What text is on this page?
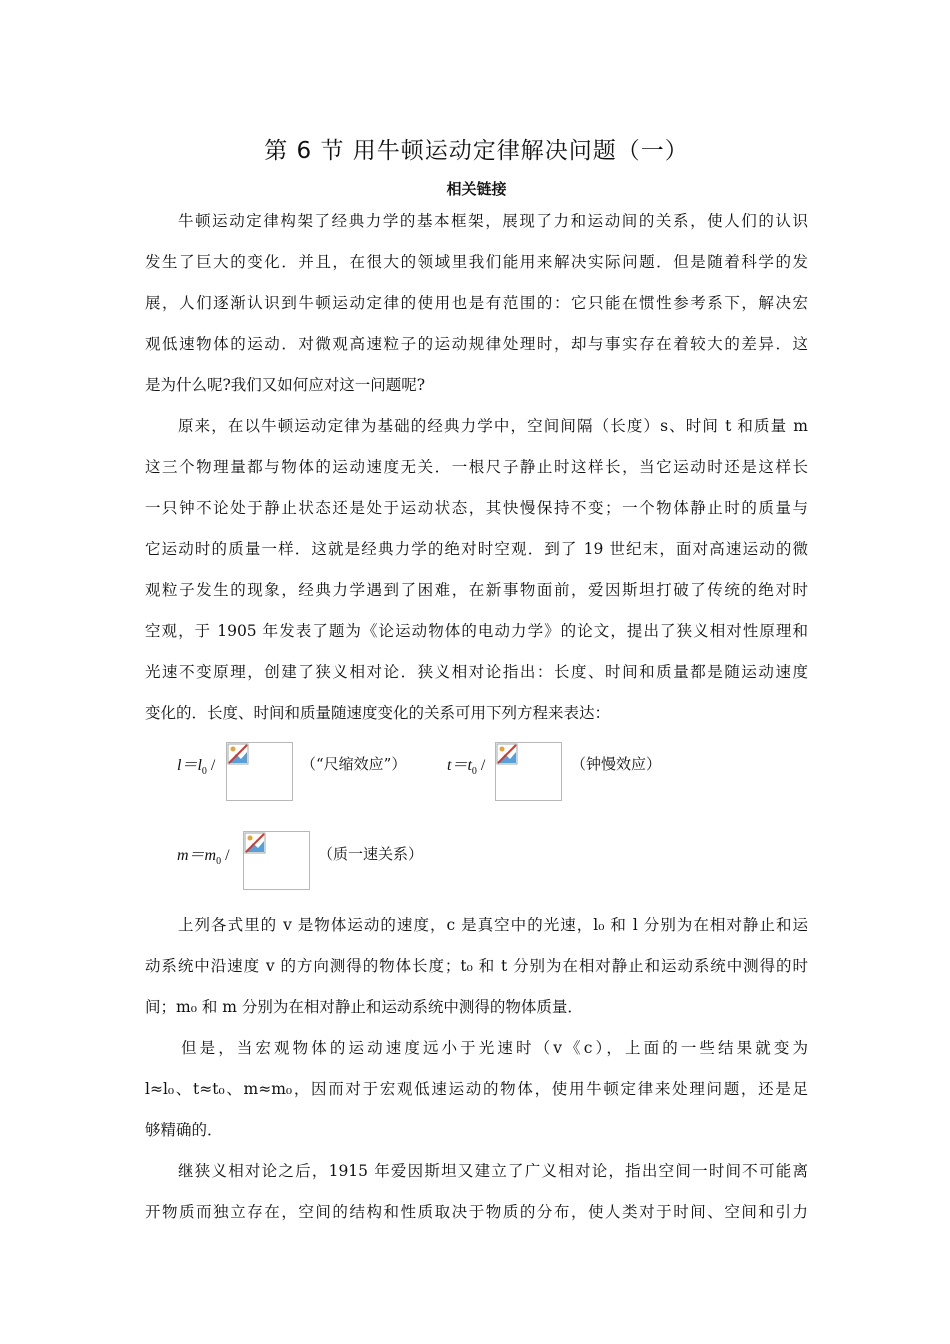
第 6 节 用牛顿运动定律解决问题（一）
相关链接
牛顿运动定律构架了经典力学的基本框架，展现了力和运动间的关系，使人们的认识
发生了巨大的变化．并且，在很大的领域里我们能用来解决实际问题．但是随着科学的发
展，人们逐渐认识到牛顿运动定律的使用也是有范围的：它只能在惯性参考系下，解决宏
观低速物体的运动．对微观高速粒子的运动规律处理时，却与事实存在着较大的差异．这
是为什么呢?我们又如何应对这一问题呢?
原来，在以牛顿运动定律为基础的经典力学中，空间间隔（长度）s、时间 t 和质量 m
这三个物理量都与物体的运动速度无关．一根尺子静止时这样长，当它运动时还是这样长
一只钟不论处于静止状态还是处于运动状态，其快慢保持不变；一个物体静止时的质量与
它运动时的质量一样．这就是经典力学的绝对时空观．到了 19 世纪末，面对高速运动的微
观粒子发生的现象，经典力学遇到了困难，在新事物面前，爱因斯坦打破了传统的绝对时
空观，于 1905 年发表了题为《论运动物体的电动力学》的论文，提出了狭义相对性原理和
光速不变原理，创建了狭义相对论．狭义相对论指出：长度、时间和质量都是随运动速度
变化的．长度、时间和质量随速度变化的关系可用下列方程来表达：
上列各式里的 v 是物体运动的速度，c 是真空中的光速，l₀ 和 l 分别为在相对静止和运
动系统中沿速度 v 的方向测得的物体长度；t₀ 和 t 分别为在相对静止和运动系统中测得的时
间；m₀ 和 m 分别为在相对静止和运动系统中测得的物体质量．
但是，当宏观物体的运动速度远小于光速时（v《c），上面的一些结果就变为
l≈l₀、t≈t₀、m≈m₀，因而对于宏观低速运动的物体，使用牛顿定律来处理问题，还是足
够精确的．
继狭义相对论之后，1915 年爱因斯坦又建立了广义相对论，指出空间一时间不可能离
开物质而独立存在，空间的结构和性质取决于物质的分布，使人类对于时间、空间和引力
$l=l_0$ /	（“尺缩效应”）	$t=t_0$ /	（钟慢效应）
$m=m_0$ /	（质一速关系）
